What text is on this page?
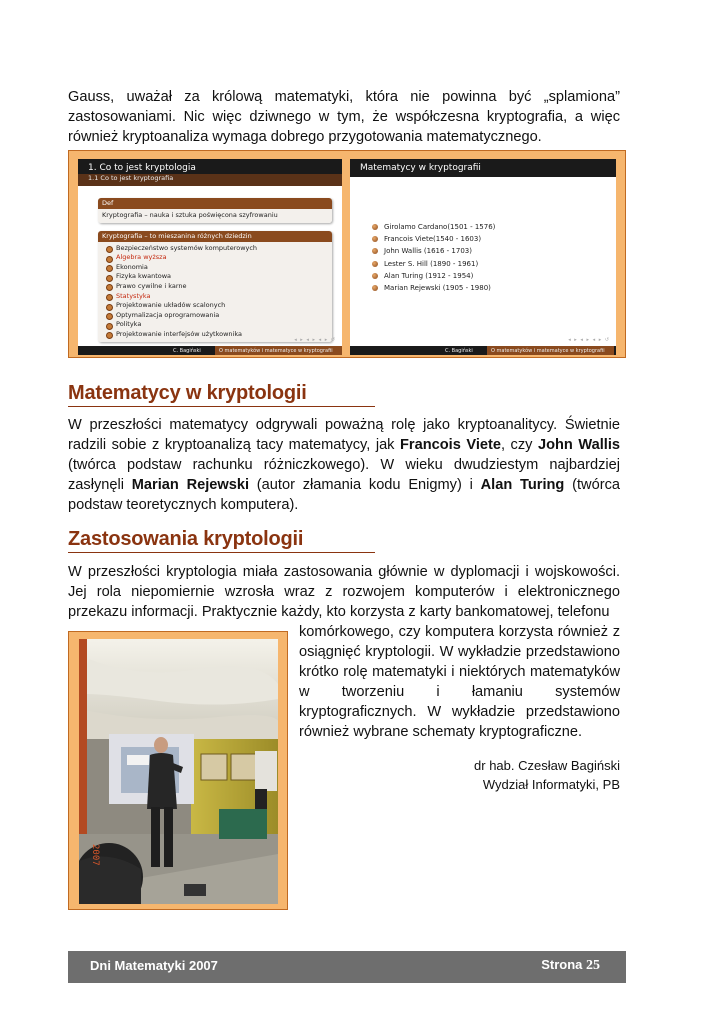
Gauss, uważał za królową matematyki, która nie powinna być „splamiona” zastosowaniami. Nic więc dziwnego w tym, że współczesna kryptografia, a więc również kryptoanaliza wymaga dobrego przygotowania matematycznego.

1. Co to jest kryptologia
1.1 Co to jest kryptografia
Def
Kryptografia – nauka i sztuka poświęcona szyfrowaniu
Kryptografia – to mieszanina różnych dziedzin
Bezpieczeństwo systemów komputerowych
Algebra wyższa
Ekonomia
Fizyka kwantowa
Prawo cywilne i karne
Statystyka
Projektowanie układów scalonych
Optymalizacja oprogramowania
Polityka
Projektowanie interfejsów użytkownika
◂ ▸ ◂ ▸ ◂ ▸ ↺
C. Bagiński	O matematyków i matematyce w kryptografii
Matematycy w kryptografii
Girolamo Cardano(1501 - 1576)
Francois Viete(1540 - 1603)
John Wallis (1616 - 1703)
Lester S. Hill (1890 - 1961)
Alan Turing (1912 - 1954)
Marian Rejewski (1905 - 1980)
◂ ▸ ◂ ▸ ◂ ▸ ↺
C. Bagiński	O matematyków i matematyce w kryptografii
Matematycy w kryptologii

W przeszłości matematycy odgrywali poważną rolę jako kryptoanalitycy. Świetnie radzili sobie z kryptoanalizą tacy matematycy, jak Francois Viete, czy John Wallis (twórca podstaw rachunku różniczkowego). W wieku dwudziestym najbardziej zasłynęli Marian Rejewski (autor złamania kodu Enigmy) i Alan Turing (twórca podstaw teoretycznych komputera).

Zastosowania kryptologii

W przeszłości kryptologia miała zastosowania głównie w dyplomacji i wojskowości. Jej rola niepomiernie wzrosła wraz z rozwojem komputerów i elektronicznego przekazu informacji. Praktycznie każdy, kto korzysta z karty bankomatowej, telefonu

komórkowego, czy komputera korzysta również z osiągnięć kryptologii. W wykładzie przedstawiono krótko rolę matematyki i niektórych matematyków w tworzeniu i łamaniu systemów kryptograficznych. W wykładzie przedstawiono również wybrane schematy kryptograficzne.

2007
dr hab. Czesław Bagiński
Wydział Informatyki, PB
Dni Matematyki 2007	Strona 25
